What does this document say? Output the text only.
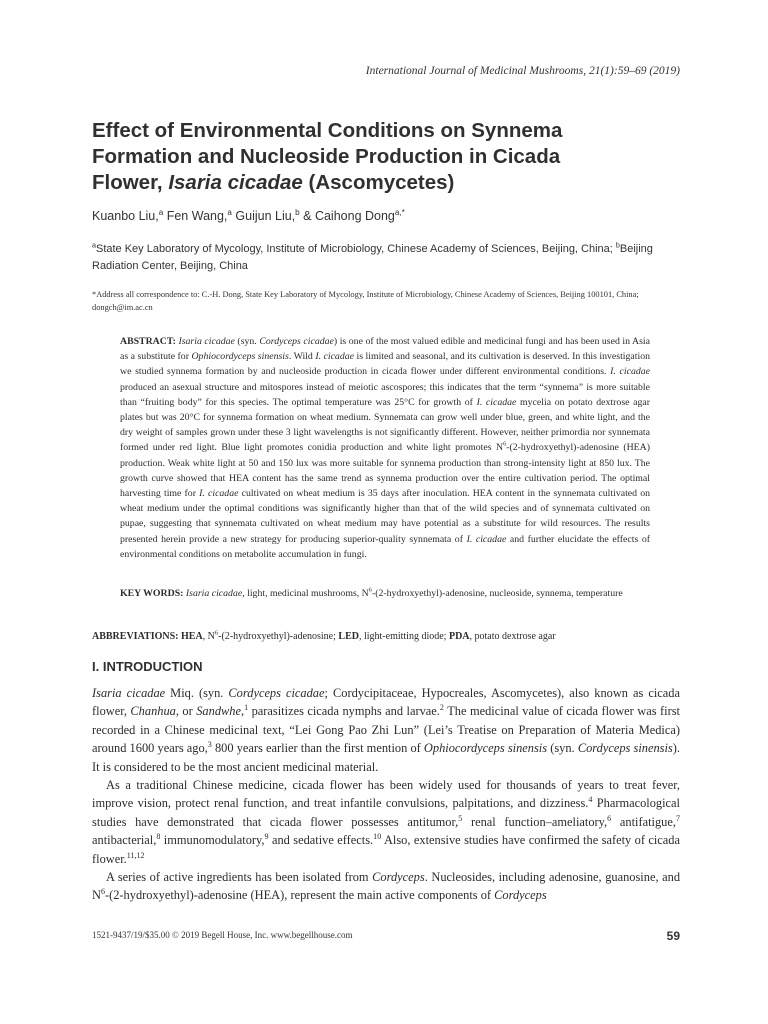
International Journal of Medicinal Mushrooms, 21(1):59–69 (2019)
Effect of Environmental Conditions on Synnema
Formation and Nucleoside Production in Cicada
Flower, Isaria cicadae (Ascomycetes)
Kuanbo Liu,$^a$ Fen Wang,$^a$ Guijun Liu,$^b$ & Caihong Dong$^{a,*}$
$^a$State Key Laboratory of Mycology, Institute of Microbiology, Chinese Academy of Sciences, Beijing, China; $^b$Beijing Radiation Center, Beijing, China
*Address all correspondence to: C.-H. Dong, State Key Laboratory of Mycology, Institute of Microbiology, Chinese Academy of Sciences, Beijing 100101, China; dongch@im.ac.cn
ABSTRACT: Isaria cicadae (syn. Cordyceps cicadae) is one of the most valued edible and medicinal fungi and has been used in Asia as a substitute for Ophiocordyceps sinensis. Wild I. cicadae is limited and seasonal, and its cultivation is deserved. In this investigation we studied synnema formation by and nucleoside production in cicada flower under different environmental conditions. I. cicadae produced an asexual structure and mitospores instead of meiotic ascospores; this indicates that the term “synnema” is more suitable than “fruiting body” for this species. The optimal temperature was 25°C for growth of I. cicadae mycelia on potato dextrose agar plates but was 20°C for synnema formation on wheat medium. Synnemata can grow well under blue, green, and white light, and the dry weight of samples grown under these 3 light wavelengths is not significantly different. However, neither primordia nor synnemata formed under red light. Blue light promotes conidia production and white light promotes $N^6-(2-hydroxyethyl)$-adenosine (HEA) production. Weak white light at 50 and 150 lux was more suitable for synnema production than strong-intensity light at 850 lux. The growth curve showed that HEA content has the same trend as synnema production over the entire cultivation period. The optimal harvesting time for I. cicadae cultivated on wheat medium is 35 days after inoculation. HEA content in the synnemata cultivated on wheat medium under the optimal conditions was significantly higher than that of the wild species and of synnemata cultivated on pupae, suggesting that synnemata cultivated on wheat medium may have potential as a substitute for wild resources. The results presented herein provide a new strategy for producing superior-quality synnemata of I. cicadae and further elucidate the effects of environmental conditions on metabolite accumulation in fungi.
KEY WORDS: Isaria cicadae, light, medicinal mushrooms, $N^6-(2-hydroxyethyl)$-adenosine, nucleoside, synnema, temperature
ABBREVIATIONS: HEA, $N^6-(2-hydroxyethyl)$-adenosine; LED, light-emitting diode; PDA, potato dextrose agar
I. INTRODUCTION

Isaria cicadae Miq. (syn. Cordyceps cicadae; Cordycipitaceae, Hypocreales, Ascomycetes), also known as cicada flower, Chanhua, or Sandwhe,$^1$ parasitizes cicada nymphs and larvae.$^2$ The medicinal value of cicada flower was first recorded in a Chinese medicinal text, “Lei Gong Pao Zhi Lun” (Lei’s Treatise on Preparation of Materia Medica) around 1600 years ago,$^3$ 800 years earlier than the first mention of Ophiocordyceps sinensis (syn. Cordyceps sinensis). It is considered to be the most ancient medicinal material.

As a traditional Chinese medicine, cicada flower has been widely used for thousands of years to treat fever, improve vision, protect renal function, and treat infantile convulsions, palpitations, and dizziness.$^4$ Pharmacological studies have demonstrated that cicada flower possesses antitumor,$^5$ renal function–ameliatory,$^6$ antifatigue,$^7$ antibacterial,$^8$ immunomodulatory,$^9$ and sedative effects.$^{10}$ Also, extensive studies have confirmed the safety of cicada flower.$^{11,12}$

A series of active ingredients has been isolated from Cordyceps. Nucleosides, including adenosine, guanosine, and $N^6-(2-hydroxyethyl)$-adenosine (HEA), represent the main active components of Cordyceps

1521-9437/19/$35.00 © 2019 Begell House, Inc. www.begellhouse.com	59
